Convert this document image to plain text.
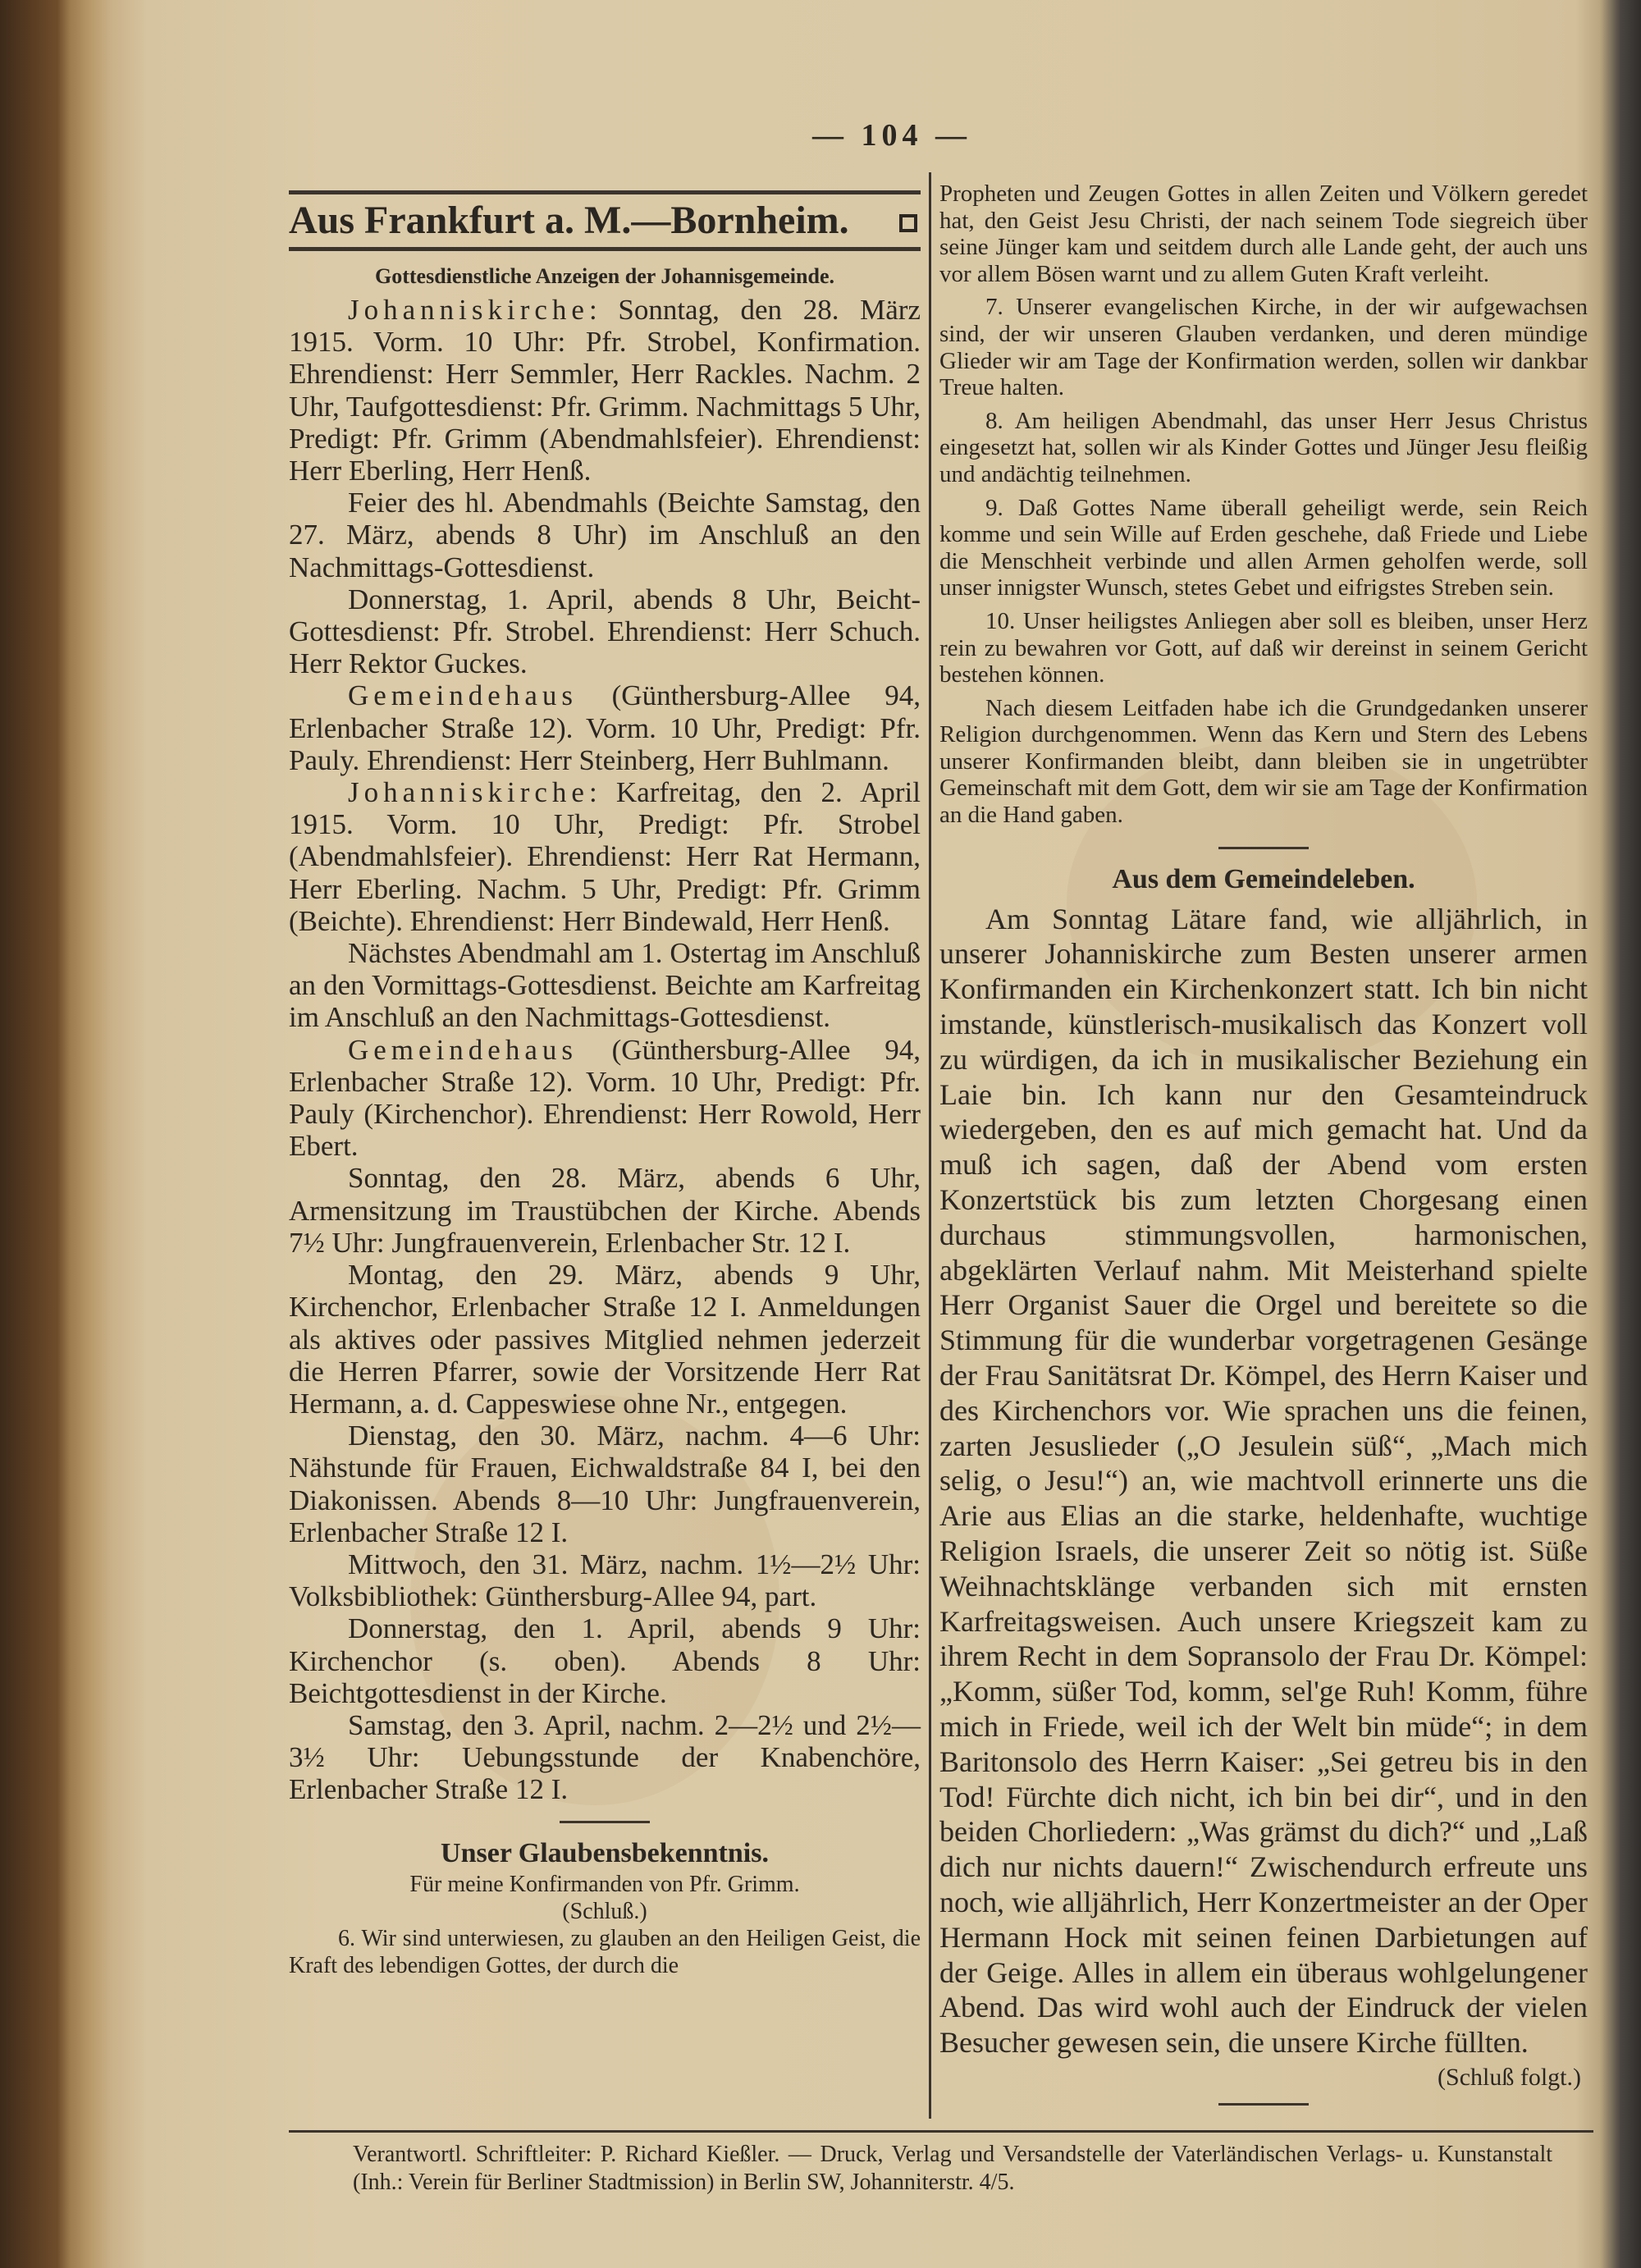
— 104 —
Aus Frankfurt a. M.—Bornheim.
Gottesdienstliche Anzeigen der Johannisgemeinde.

Johanniskirche: Sonntag, den 28. März 1915. Vorm. 10 Uhr: Pfr. Strobel, Konfirmation. Ehrendienst: Herr Semmler, Herr Rackles. Nachm. 2 Uhr, Taufgottesdienst: Pfr. Grimm. Nachmittags 5 Uhr, Predigt: Pfr. Grimm (Abendmahlsfeier). Ehrendienst: Herr Eberling, Herr Henß.

Feier des hl. Abendmahls (Beichte Samstag, den 27. März, abends 8 Uhr) im Anschluß an den Nachmittags-Gottesdienst.

Donnerstag, 1. April, abends 8 Uhr, Beicht-Gottesdienst: Pfr. Strobel. Ehrendienst: Herr Schuch. Herr Rektor Guckes.

Gemeindehaus (Günthersburg-Allee 94, Erlenbacher Straße 12). Vorm. 10 Uhr, Predigt: Pfr. Pauly. Ehrendienst: Herr Steinberg, Herr Buhlmann.

Johanniskirche: Karfreitag, den 2. April 1915. Vorm. 10 Uhr, Predigt: Pfr. Strobel (Abendmahlsfeier). Ehrendienst: Herr Rat Hermann, Herr Eberling. Nachm. 5 Uhr, Predigt: Pfr. Grimm (Beichte). Ehrendienst: Herr Bindewald, Herr Henß.

Nächstes Abendmahl am 1. Ostertag im Anschluß an den Vormittags-Gottesdienst. Beichte am Karfreitag im Anschluß an den Nachmittags-Gottesdienst.

Gemeindehaus (Günthersburg-Allee 94, Erlenbacher Straße 12). Vorm. 10 Uhr, Predigt: Pfr. Pauly (Kirchenchor). Ehrendienst: Herr Rowold, Herr Ebert.

Sonntag, den 28. März, abends 6 Uhr, Armensitzung im Traustübchen der Kirche. Abends 7½ Uhr: Jungfrauenverein, Erlenbacher Str. 12 I.

Montag, den 29. März, abends 9 Uhr, Kirchenchor, Erlenbacher Straße 12 I. Anmeldungen als aktives oder passives Mitglied nehmen jederzeit die Herren Pfarrer, sowie der Vorsitzende Herr Rat Hermann, a. d. Cappeswiese ohne Nr., entgegen.

Dienstag, den 30. März, nachm. 4—6 Uhr: Nähstunde für Frauen, Eichwaldstraße 84 I, bei den Diakonissen. Abends 8—10 Uhr: Jungfrauenverein, Erlenbacher Straße 12 I.

Mittwoch, den 31. März, nachm. 1½—2½ Uhr: Volksbibliothek: Günthersburg-Allee 94, part.

Donnerstag, den 1. April, abends 9 Uhr: Kirchenchor (s. oben). Abends 8 Uhr: Beichtgottesdienst in der Kirche.

Samstag, den 3. April, nachm. 2—2½ und 2½—3½ Uhr: Uebungsstunde der Knabenchöre, Erlenbacher Straße 12 I.

Unser Glaubensbekenntnis.

Für meine Konfirmanden von Pfr. Grimm.

(Schluß.)

6. Wir sind unterwiesen, zu glauben an den Heiligen Geist, die Kraft des lebendigen Gottes, der durch die

Propheten und Zeugen Gottes in allen Zeiten und Völkern geredet hat, den Geist Jesu Christi, der nach seinem Tode siegreich über seine Jünger kam und seitdem durch alle Lande geht, der auch uns vor allem Bösen warnt und zu allem Guten Kraft verleiht.

7. Unserer evangelischen Kirche, in der wir aufgewachsen sind, der wir unseren Glauben verdanken, und deren mündige Glieder wir am Tage der Konfirmation werden, sollen wir dankbar Treue halten.

8. Am heiligen Abendmahl, das unser Herr Jesus Christus eingesetzt hat, sollen wir als Kinder Gottes und Jünger Jesu fleißig und andächtig teilnehmen.

9. Daß Gottes Name überall geheiligt werde, sein Reich komme und sein Wille auf Erden geschehe, daß Friede und Liebe die Menschheit verbinde und allen Armen geholfen werde, soll unser innigster Wunsch, stetes Gebet und eifrigstes Streben sein.

10. Unser heiligstes Anliegen aber soll es bleiben, unser Herz rein zu bewahren vor Gott, auf daß wir dereinst in seinem Gericht bestehen können.

Nach diesem Leitfaden habe ich die Grundgedanken unserer Religion durchgenommen. Wenn das Kern und Stern des Lebens unserer Konfirmanden bleibt, dann bleiben sie in ungetrübter Gemeinschaft mit dem Gott, dem wir sie am Tage der Konfirmation an die Hand gaben.

Aus dem Gemeindeleben.

Am Sonntag Lätare fand, wie alljährlich, in unserer Johanniskirche zum Besten unserer armen Konfirmanden ein Kirchenkonzert statt. Ich bin nicht imstande, künstlerisch-musikalisch das Konzert voll zu würdigen, da ich in musikalischer Beziehung ein Laie bin. Ich kann nur den Gesamteindruck wiedergeben, den es auf mich gemacht hat. Und da muß ich sagen, daß der Abend vom ersten Konzertstück bis zum letzten Chorgesang einen durchaus stimmungsvollen, harmonischen, abgeklärten Verlauf nahm. Mit Meisterhand spielte Herr Organist Sauer die Orgel und bereitete so die Stimmung für die wunderbar vorgetragenen Gesänge der Frau Sanitätsrat Dr. Kömpel, des Herrn Kaiser und des Kirchenchors vor. Wie sprachen uns die feinen, zarten Jesuslieder („O Jesulein süß“, „Mach mich selig, o Jesu!“) an, wie machtvoll erinnerte uns die Arie aus Elias an die starke, heldenhafte, wuchtige Religion Israels, die unserer Zeit so nötig ist. Süße Weihnachtsklänge verbanden sich mit ernsten Karfreitagsweisen. Auch unsere Kriegszeit kam zu ihrem Recht in dem Sopransolo der Frau Dr. Kömpel: „Komm, süßer Tod, komm, sel'ge Ruh! Komm, führe mich in Friede, weil ich der Welt bin müde“; in dem Baritonsolo des Herrn Kaiser: „Sei getreu bis in den Tod! Fürchte dich nicht, ich bin bei dir“, und in den beiden Chorliedern: „Was grämst du dich?“ und „Laß dich nur nichts dauern!“ Zwischendurch erfreute uns noch, wie alljährlich, Herr Konzertmeister an der Oper Hermann Hock mit seinen feinen Darbietungen auf der Geige. Alles in allem ein überaus wohlgelungener Abend. Das wird wohl auch der Eindruck der vielen Besucher gewesen sein, die unsere Kirche füllten.

(Schluß folgt.)

Verantwortl. Schriftleiter: P. Richard Kießler. — Druck, Verlag und Versandstelle der Vaterländischen Verlags- u. Kunstanstalt (Inh.: Verein für Berliner Stadtmission) in Berlin SW, Johanniterstr. 4/5.
